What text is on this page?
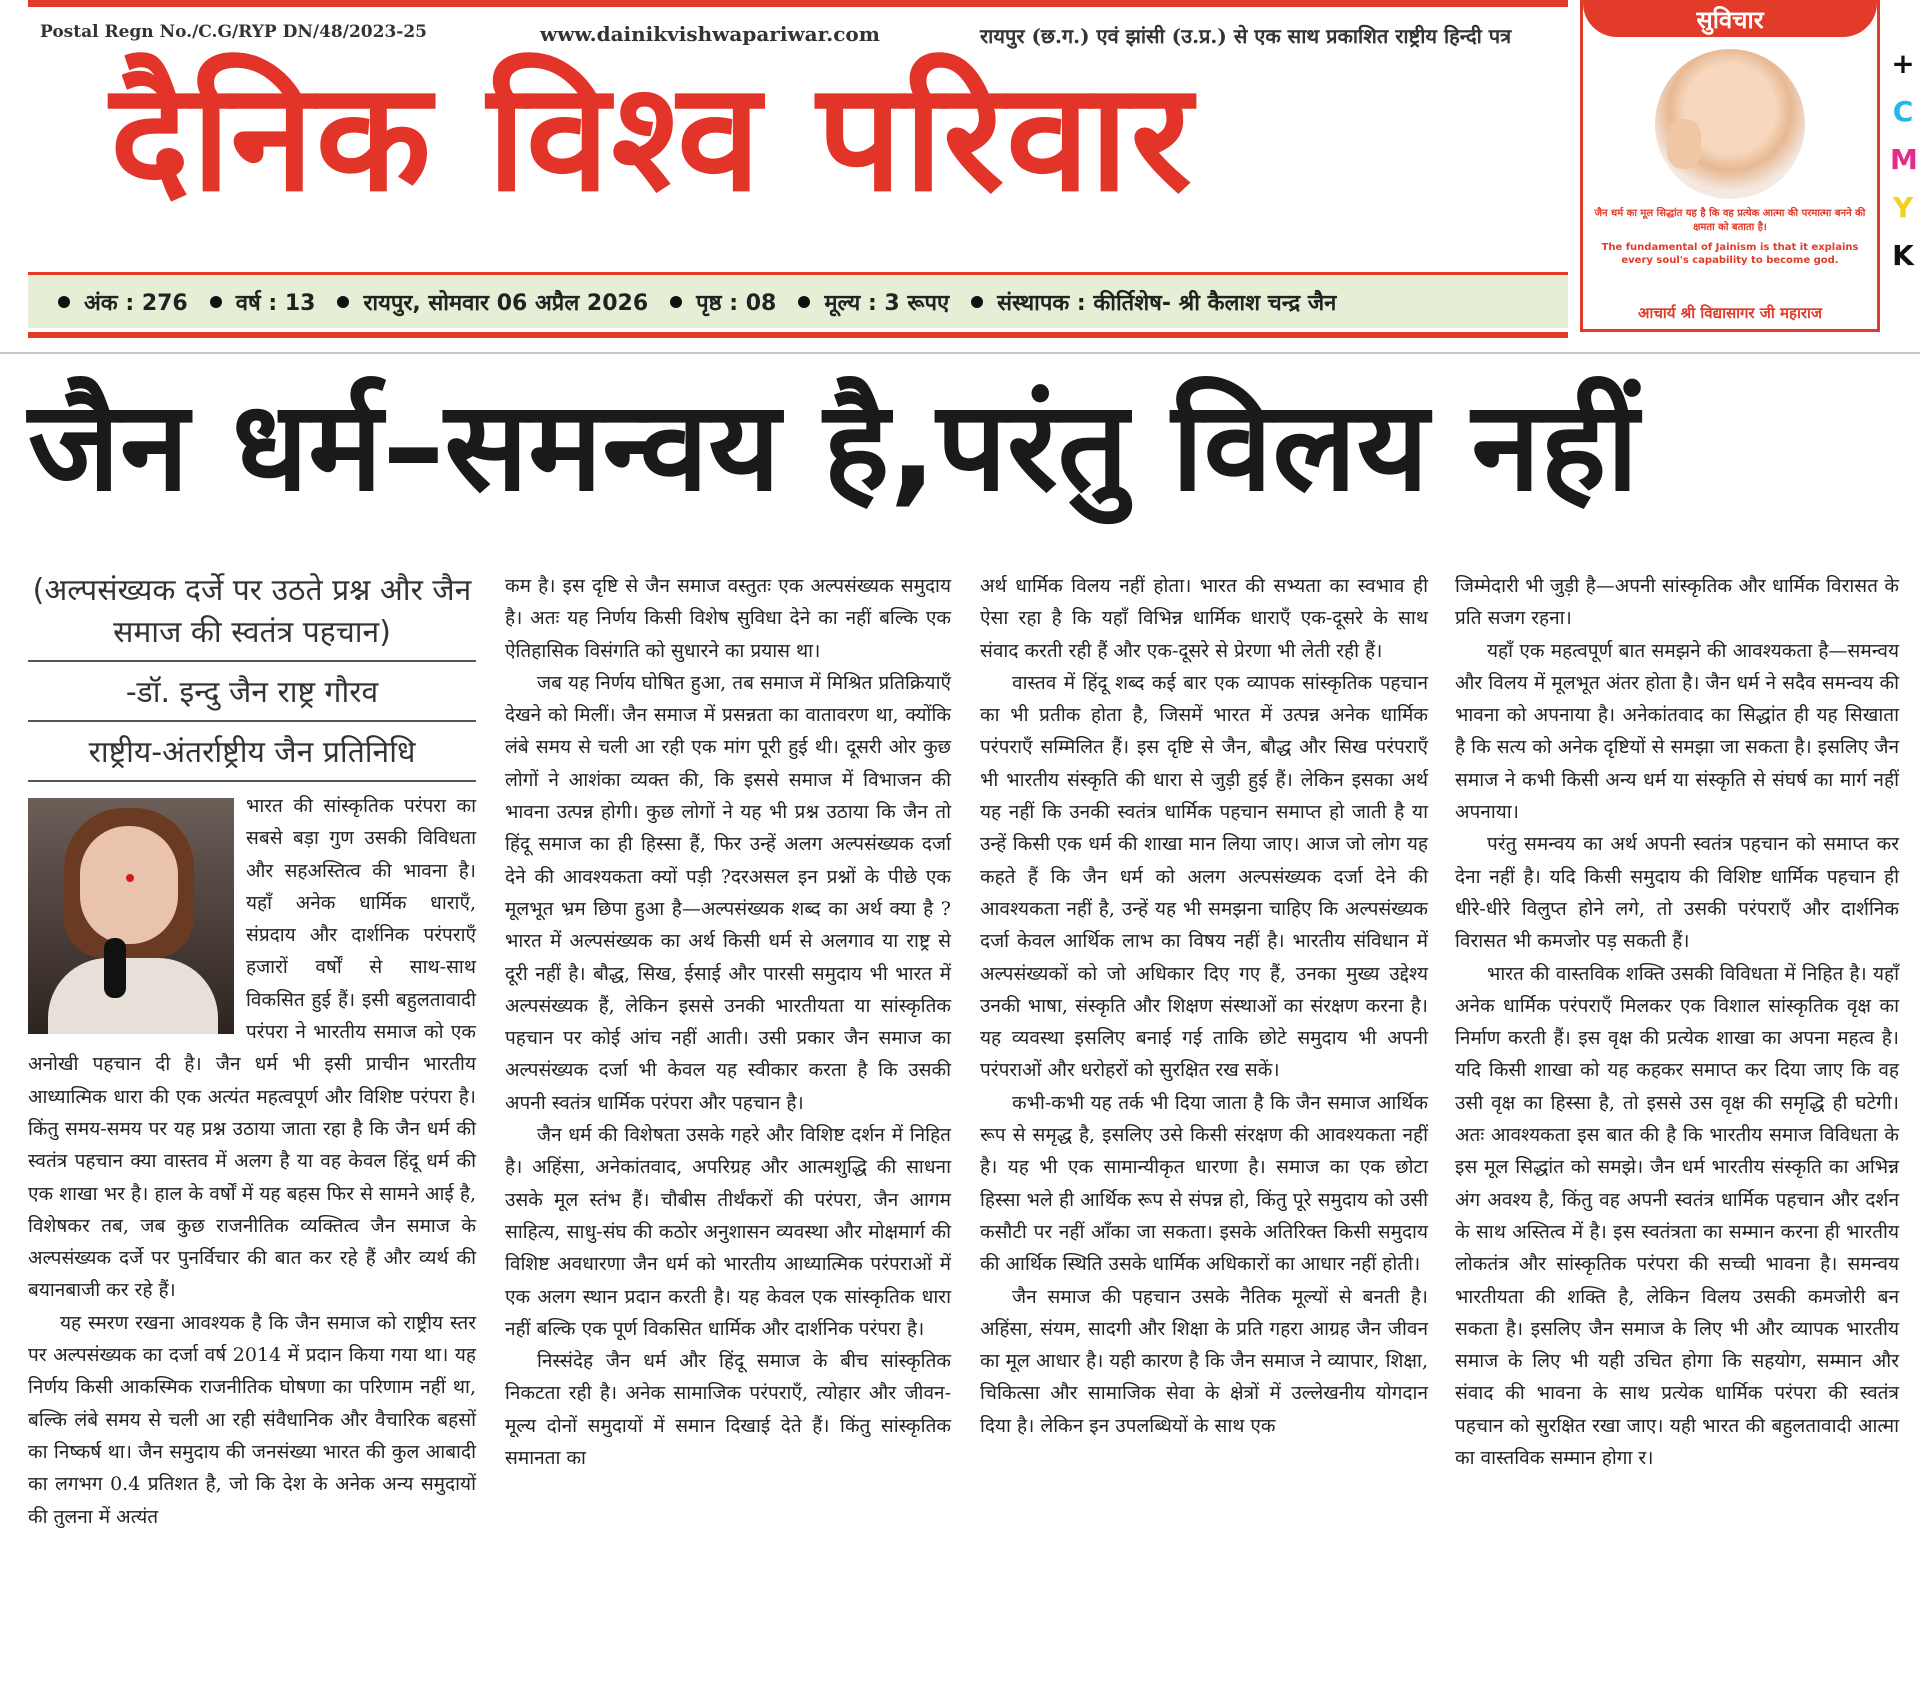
Postal Regn No./C.G/RYP DN/48/2023-25	www.dainikvishwapariwar.com	रायपुर (छ.ग.) एवं झांसी (उ.प्र.) से एक साथ प्रकाशित राष्ट्रीय हिन्दी पत्र
दैनिक विश्व परिवार
अंक : 276 वर्ष : 13 रायपुर, सोमवार 06 अप्रैल 2026 पृष्ठ : 08 मूल्य : 3 रूपए संस्थापक : कीर्तिशेष- श्री कैलाश चन्द्र जैन
सुविचार
जैन धर्म का मूल सिद्धांत यह है कि वह प्रत्येक आत्मा की परमात्मा बनने की क्षमता को बताता है।
The fundamental of Jainism is that it explains every soul's capability to become god.
आचार्य श्री विद्यासागर जी महाराज
+
C
M
Y
K
जैन धर्म–समन्वय है,परंतु विलय नहीं
(अल्पसंख्यक दर्जे पर उठते प्रश्न और जैन समाज की स्वतंत्र पहचान)
-डॉ. इन्दु जैन राष्ट्र गौरव
राष्ट्रीय-अंतर्राष्ट्रीय जैन प्रतिनिधि

भारत की सांस्कृतिक परंपरा का सबसे बड़ा गुण उसकी विविधता और सहअस्तित्व की भावना है। यहाँ अनेक धार्मिक धाराएँ, संप्रदाय और दार्शनिक परंपराएँ हजारों वर्षों से साथ-साथ विकसित हुई हैं। इसी बहुलतावादी परंपरा ने भारतीय समाज को एक अनोखी पहचान दी है। जैन धर्म भी इसी प्राचीन भारतीय आध्यात्मिक धारा की एक अत्यंत महत्वपूर्ण और विशिष्ट परंपरा है। किंतु समय-समय पर यह प्रश्न उठाया जाता रहा है कि जैन धर्म की स्वतंत्र पहचान क्या वास्तव में अलग है या वह केवल हिंदू धर्म की एक शाखा भर है। हाल के वर्षों में यह बहस फिर से सामने आई है, विशेषकर तब, जब कुछ राजनीतिक व्यक्तित्व जैन समाज के अल्पसंख्यक दर्जे पर पुनर्विचार की बात कर रहे हैं और व्यर्थ की बयानबाजी कर रहे हैं।

यह स्मरण रखना आवश्यक है कि जैन समाज को राष्ट्रीय स्तर पर अल्पसंख्यक का दर्जा वर्ष 2014 में प्रदान किया गया था। यह निर्णय किसी आकस्मिक राजनीतिक घोषणा का परिणाम नहीं था, बल्कि लंबे समय से चली आ रही संवैधानिक और वैचारिक बहसों का निष्कर्ष था। जैन समुदाय की जनसंख्या भारत की कुल आबादी का लगभग 0.4 प्रतिशत है, जो कि देश के अनेक अन्य समुदायों की तुलना में अत्यंत

कम है। इस दृष्टि से जैन समाज वस्तुतः एक अल्पसंख्यक समुदाय है। अतः यह निर्णय किसी विशेष सुविधा देने का नहीं बल्कि एक ऐतिहासिक विसंगति को सुधारने का प्रयास था।

जब यह निर्णय घोषित हुआ, तब समाज में मिश्रित प्रतिक्रियाएँ देखने को मिलीं। जैन समाज में प्रसन्नता का वातावरण था, क्योंकि लंबे समय से चली आ रही एक मांग पूरी हुई थी। दूसरी ओर कुछ लोगों ने आशंका व्यक्त की, कि इससे समाज में विभाजन की भावना उत्पन्न होगी। कुछ लोगों ने यह भी प्रश्न उठाया कि जैन तो हिंदू समाज का ही हिस्सा हैं, फिर उन्हें अलग अल्पसंख्यक दर्जा देने की आवश्यकता क्यों पड़ी ?दरअसल इन प्रश्नों के पीछे एक मूलभूत भ्रम छिपा हुआ है—अल्पसंख्यक शब्द का अर्थ क्या है ? भारत में अल्पसंख्यक का अर्थ किसी धर्म से अलगाव या राष्ट्र से दूरी नहीं है। बौद्ध, सिख, ईसाई और पारसी समुदाय भी भारत में अल्पसंख्यक हैं, लेकिन इससे उनकी भारतीयता या सांस्कृतिक पहचान पर कोई आंच नहीं आती। उसी प्रकार जैन समाज का अल्पसंख्यक दर्जा भी केवल यह स्वीकार करता है कि उसकी अपनी स्वतंत्र धार्मिक परंपरा और पहचान है।

जैन धर्म की विशेषता उसके गहरे और विशिष्ट दर्शन में निहित है। अहिंसा, अनेकांतवाद, अपरिग्रह और आत्मशुद्धि की साधना उसके मूल स्तंभ हैं। चौबीस तीर्थंकरों की परंपरा, जैन आगम साहित्य, साधु-संघ की कठोर अनुशासन व्यवस्था और मोक्षमार्ग की विशिष्ट अवधारणा जैन धर्म को भारतीय आध्यात्मिक परंपराओं में एक अलग स्थान प्रदान करती है। यह केवल एक सांस्कृतिक धारा नहीं बल्कि एक पूर्ण विकसित धार्मिक और दार्शनिक परंपरा है।

निस्संदेह जैन धर्म और हिंदू समाज के बीच सांस्कृतिक निकटता रही है। अनेक सामाजिक परंपराएँ, त्योहार और जीवन-मूल्य दोनों समुदायों में समान दिखाई देते हैं। किंतु सांस्कृतिक समानता का

अर्थ धार्मिक विलय नहीं होता। भारत की सभ्यता का स्वभाव ही ऐसा रहा है कि यहाँ विभिन्न धार्मिक धाराएँ एक-दूसरे के साथ संवाद करती रही हैं और एक-दूसरे से प्रेरणा भी लेती रही हैं।

वास्तव में हिंदू शब्द कई बार एक व्यापक सांस्कृतिक पहचान का भी प्रतीक होता है, जिसमें भारत में उत्पन्न अनेक धार्मिक परंपराएँ सम्मिलित हैं। इस दृष्टि से जैन, बौद्ध और सिख परंपराएँ भी भारतीय संस्कृति की धारा से जुड़ी हुई हैं। लेकिन इसका अर्थ यह नहीं कि उनकी स्वतंत्र धार्मिक पहचान समाप्त हो जाती है या उन्हें किसी एक धर्म की शाखा मान लिया जाए। आज जो लोग यह कहते हैं कि जैन धर्म को अलग अल्पसंख्यक दर्जा देने की आवश्यकता नहीं है, उन्हें यह भी समझना चाहिए कि अल्पसंख्यक दर्जा केवल आर्थिक लाभ का विषय नहीं है। भारतीय संविधान में अल्पसंख्यकों को जो अधिकार दिए गए हैं, उनका मुख्य उद्देश्य उनकी भाषा, संस्कृति और शिक्षण संस्थाओं का संरक्षण करना है। यह व्यवस्था इसलिए बनाई गई ताकि छोटे समुदाय भी अपनी परंपराओं और धरोहरों को सुरक्षित रख सकें।

कभी-कभी यह तर्क भी दिया जाता है कि जैन समाज आर्थिक रूप से समृद्ध है, इसलिए उसे किसी संरक्षण की आवश्यकता नहीं है। यह भी एक सामान्यीकृत धारणा है। समाज का एक छोटा हिस्सा भले ही आर्थिक रूप से संपन्न हो, किंतु पूरे समुदाय को उसी कसौटी पर नहीं आँका जा सकता। इसके अतिरिक्त किसी समुदाय की आर्थिक स्थिति उसके धार्मिक अधिकारों का आधार नहीं होती।

जैन समाज की पहचान उसके नैतिक मूल्यों से बनती है। अहिंसा, संयम, सादगी और शिक्षा के प्रति गहरा आग्रह जैन जीवन का मूल आधार है। यही कारण है कि जैन समाज ने व्यापार, शिक्षा, चिकित्सा और सामाजिक सेवा के क्षेत्रों में उल्लेखनीय योगदान दिया है। लेकिन इन उपलब्धियों के साथ एक

जिम्मेदारी भी जुड़ी है—अपनी सांस्कृतिक और धार्मिक विरासत के प्रति सजग रहना।

यहाँ एक महत्वपूर्ण बात समझने की आवश्यकता है—समन्वय और विलय में मूलभूत अंतर होता है। जैन धर्म ने सदैव समन्वय की भावना को अपनाया है। अनेकांतवाद का सिद्धांत ही यह सिखाता है कि सत्य को अनेक दृष्टियों से समझा जा सकता है। इसलिए जैन समाज ने कभी किसी अन्य धर्म या संस्कृति से संघर्ष का मार्ग नहीं अपनाया।

परंतु समन्वय का अर्थ अपनी स्वतंत्र पहचान को समाप्त कर देना नहीं है। यदि किसी समुदाय की विशिष्ट धार्मिक पहचान ही धीरे-धीरे विलुप्त होने लगे, तो उसकी परंपराएँ और दार्शनिक विरासत भी कमजोर पड़ सकती हैं।

भारत की वास्तविक शक्ति उसकी विविधता में निहित है। यहाँ अनेक धार्मिक परंपराएँ मिलकर एक विशाल सांस्कृतिक वृक्ष का निर्माण करती हैं। इस वृक्ष की प्रत्येक शाखा का अपना महत्व है। यदि किसी शाखा को यह कहकर समाप्त कर दिया जाए कि वह उसी वृक्ष का हिस्सा है, तो इससे उस वृक्ष की समृद्धि ही घटेगी। अतः आवश्यकता इस बात की है कि भारतीय समाज विविधता के इस मूल सिद्धांत को समझे। जैन धर्म भारतीय संस्कृति का अभिन्न अंग अवश्य है, किंतु वह अपनी स्वतंत्र धार्मिक पहचान और दर्शन के साथ अस्तित्व में है। इस स्वतंत्रता का सम्मान करना ही भारतीय लोकतंत्र और सांस्कृतिक परंपरा की सच्ची भावना है। समन्वय भारतीयता की शक्ति है, लेकिन विलय उसकी कमजोरी बन सकता है। इसलिए जैन समाज के लिए भी और व्यापक भारतीय समाज के लिए भी यही उचित होगा कि सहयोग, सम्मान और संवाद की भावना के साथ प्रत्येक धार्मिक परंपरा की स्वतंत्र पहचान को सुरक्षित रखा जाए। यही भारत की बहुलतावादी आत्मा का वास्तविक सम्मान होगा र।
